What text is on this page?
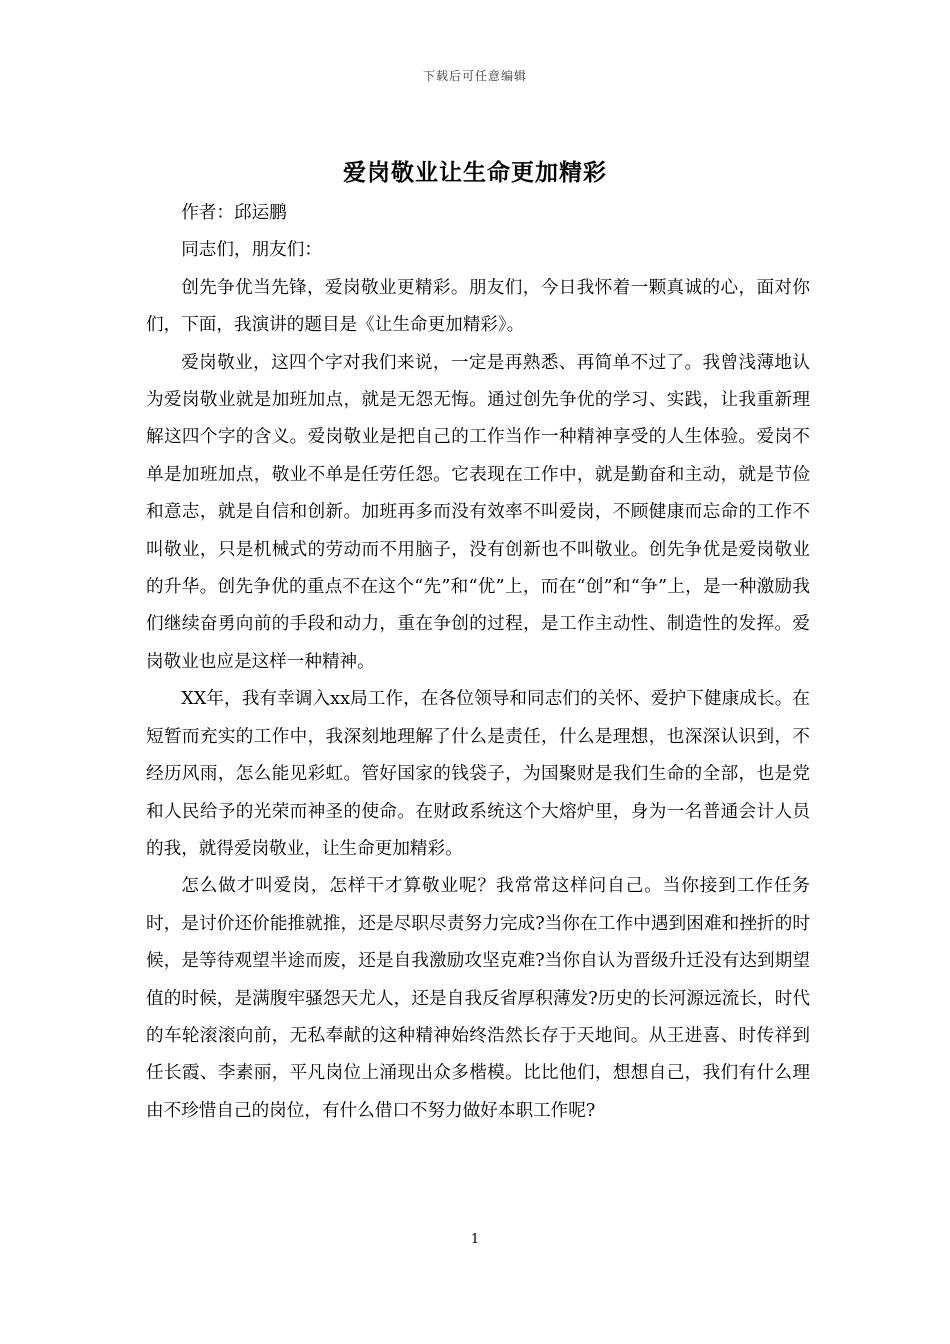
下载后可任意编辑
爱岗敬业让生命更加精彩

作者：邱运鹏

同志们，朋友们：

创先争优当先锋，爱岗敬业更精彩。朋友们，今日我怀着一颗真诚的心，面对你们，下面，我演讲的题目是《让生命更加精彩》。

爱岗敬业，这四个字对我们来说，一定是再熟悉、再简单不过了。我曾浅薄地认为爱岗敬业就是加班加点，就是无怨无悔。通过创先争优的学习、实践，让我重新理解这四个字的含义。爱岗敬业是把自己的工作当作一种精神享受的人生体验。爱岗不单是加班加点，敬业不单是任劳任怨。它表现在工作中，就是勤奋和主动，就是节俭和意志，就是自信和创新。加班再多而没有效率不叫爱岗，不顾健康而忘命的工作不叫敬业，只是机械式的劳动而不用脑子，没有创新也不叫敬业。创先争优是爱岗敬业的升华。创先争优的重点不在这个“先”和“优”上，而在“创”和“争”上，是一种激励我们继续奋勇向前的手段和动力，重在争创的过程，是工作主动性、制造性的发挥。爱岗敬业也应是这样一种精神。

XX年，我有幸调入xx局工作，在各位领导和同志们的关怀、爱护下健康成长。在短暂而充实的工作中，我深刻地理解了什么是责任，什么是理想，也深深认识到，不经历风雨，怎么能见彩虹。管好国家的钱袋子，为国聚财是我们生命的全部，也是党和人民给予的光荣而神圣的使命。在财政系统这个大熔炉里，身为一名普通会计人员的我，就得爱岗敬业，让生命更加精彩。

怎么做才叫爱岗，怎样干才算敬业呢？我常常这样问自己。当你接到工作任务时，是讨价还价能推就推，还是尽职尽责努力完成?当你在工作中遇到困难和挫折的时候，是等待观望半途而废，还是自我激励攻坚克难?当你自认为晋级升迁没有达到期望值的时候，是满腹牢骚怨天尤人，还是自我反省厚积薄发?历史的长河源远流长，时代的车轮滚滚向前，无私奉献的这种精神始终浩然长存于天地间。从王进喜、时传祥到任长霞、李素丽，平凡岗位上涌现出众多楷模。比比他们，想想自己，我们有什么理由不珍惜自己的岗位，有什么借口不努力做好本职工作呢?

1
